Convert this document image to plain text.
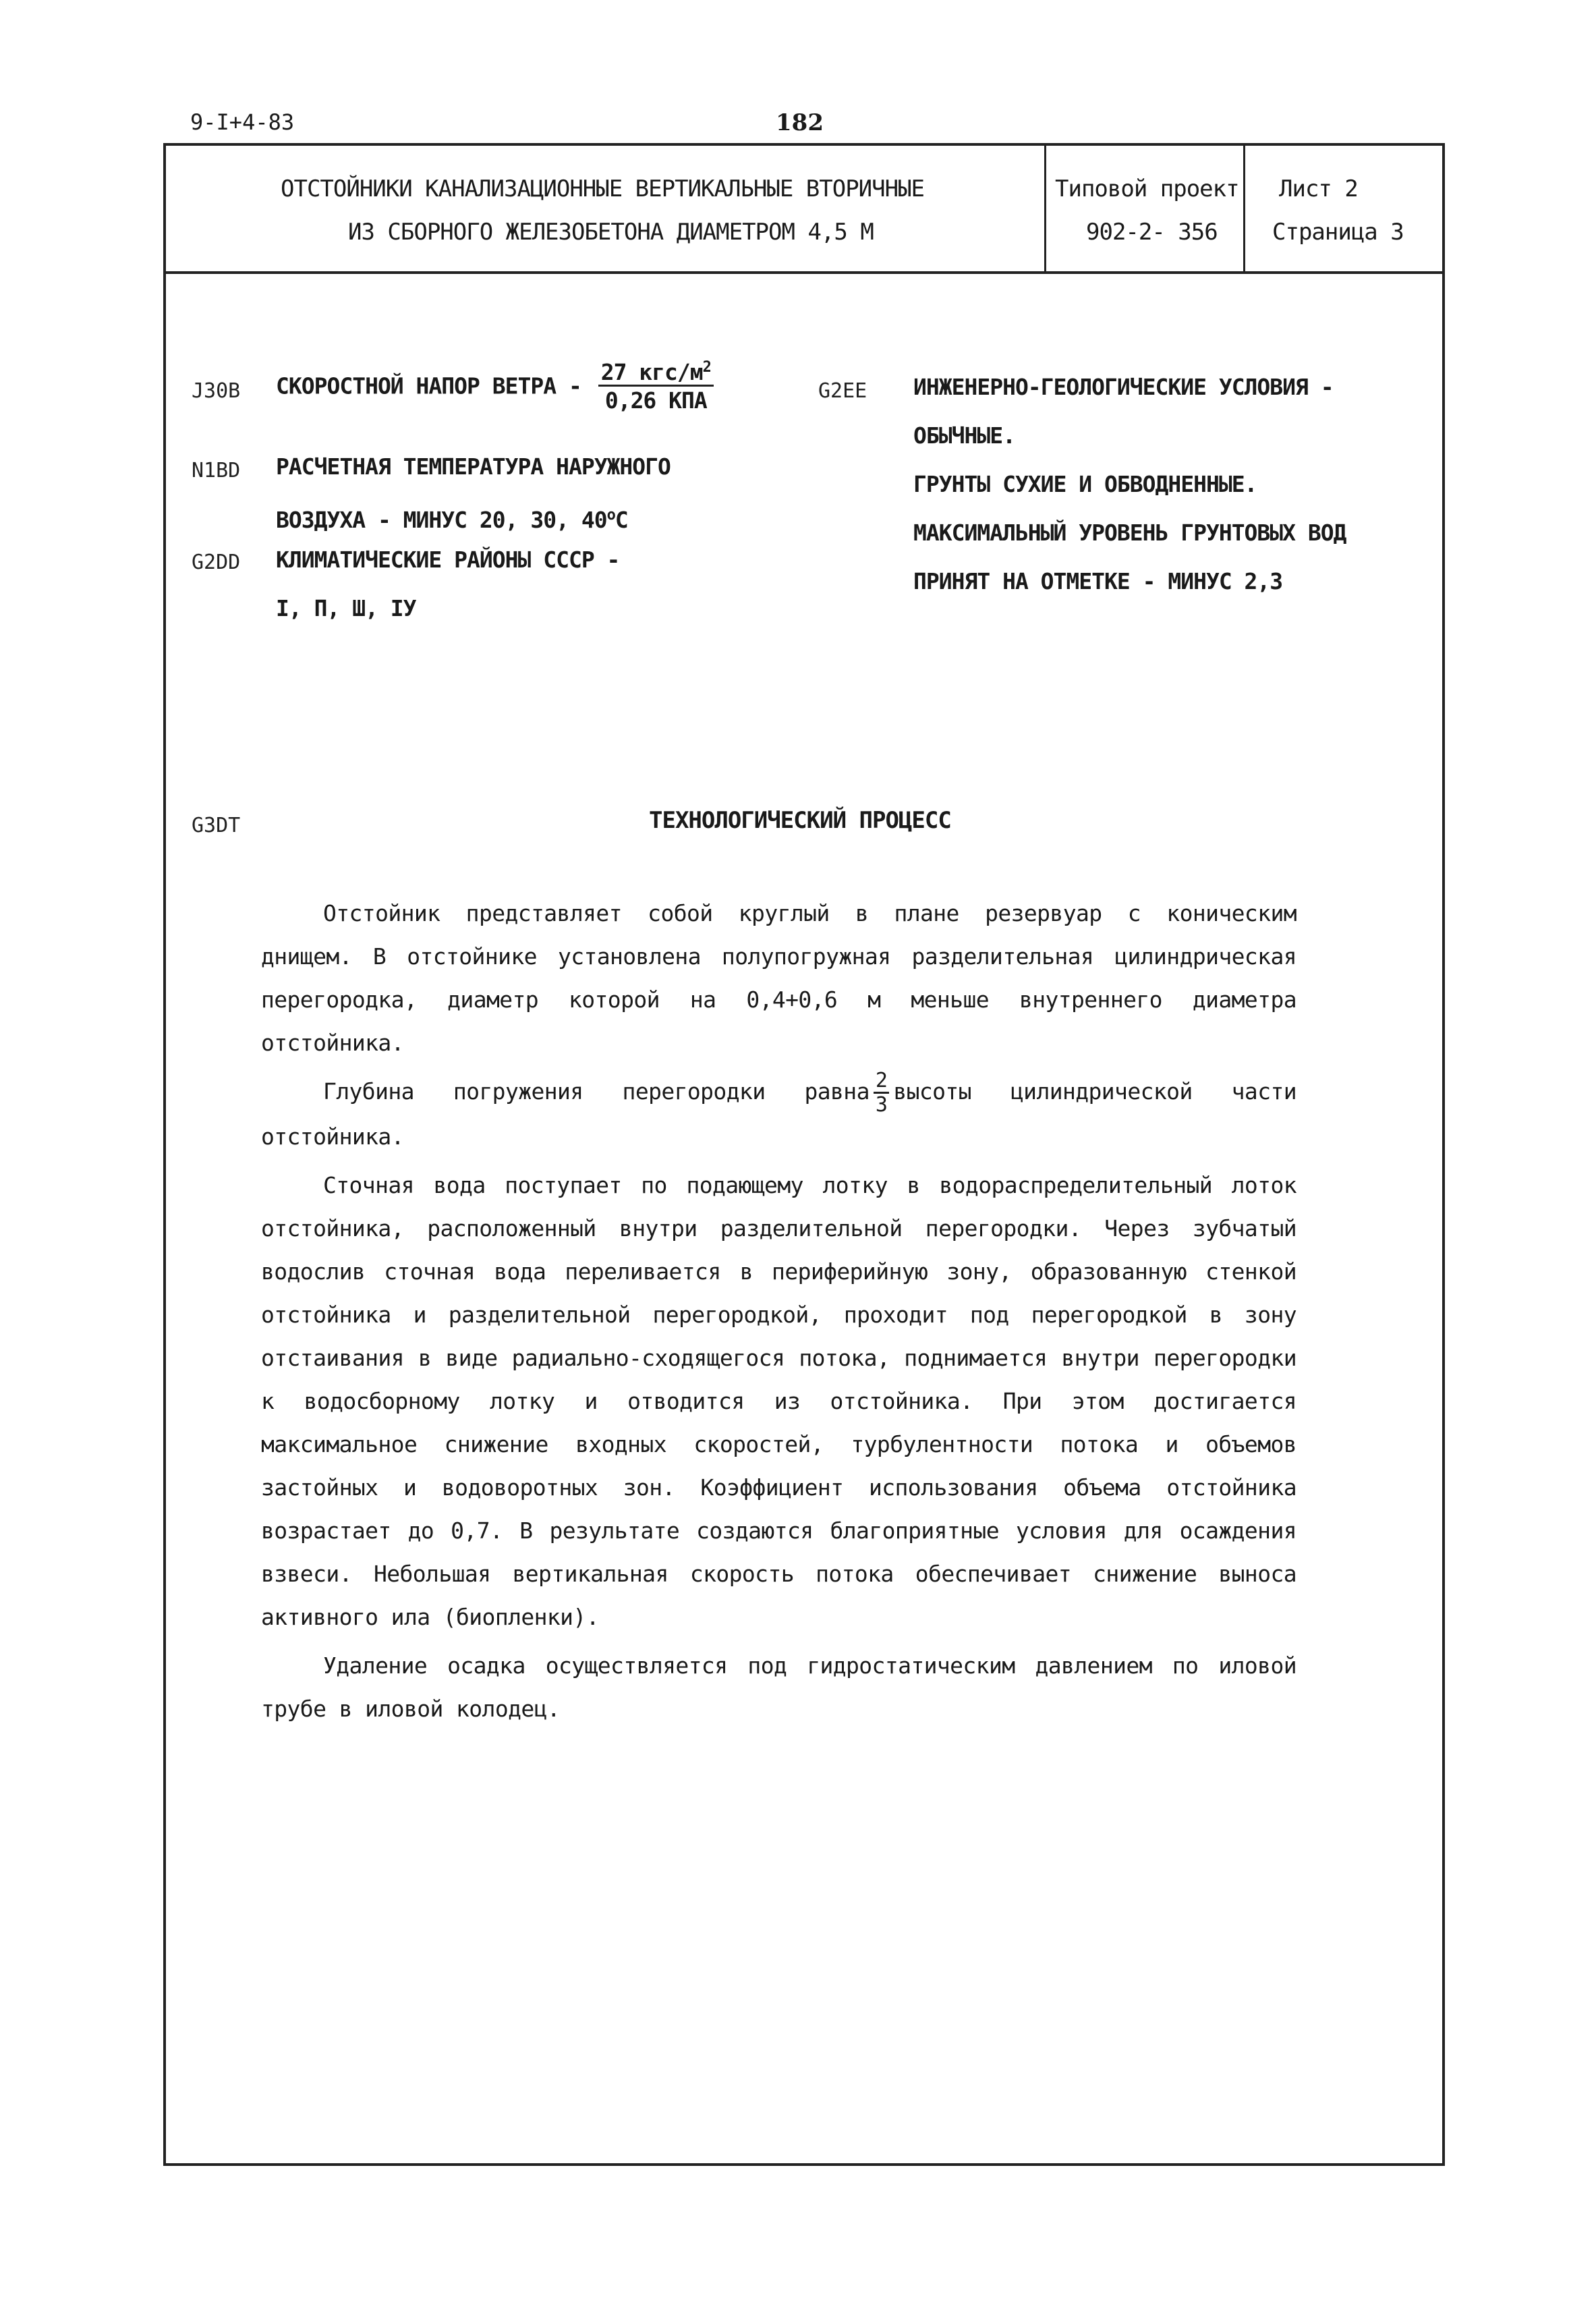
9-I+4-83	182
ОТСТОЙНИКИ КАНАЛИЗАЦИОННЫЕ ВЕРТИКАЛЬНЫЕ ВТОРИЧНЫЕ
ИЗ СБОРНОГО ЖЕЛЕЗОБЕТОНА ДИАМЕТРОМ 4,5 М
Типовой проект
902-2- 356
Лист 2
Страница 3
J30B СКОРОСТНОЙ НАПОР ВЕТРА - $\frac{27 кгс/м^2}{\text{0,26 КПА}}$
N1BD РАСЧЕТНАЯ ТЕМПЕРАТУРА НАРУЖНОГО
ВОЗДУХА - МИНУС 20, 30, $40^оС$
G2DD КЛИМАТИЧЕСКИЕ РАЙОНЫ СССР -
I, П, Ш, IУ
G2EE ИНЖЕНЕРНО-ГЕОЛОГИЧЕСКИЕ УСЛОВИЯ -
ОБЫЧНЫЕ.
ГРУНТЫ СУХИЕ И ОБВОДНЕННЫЕ.
МАКСИМАЛЬНЫЙ УРОВЕНЬ ГРУНТОВЫХ ВОД
ПРИНЯТ НА ОТМЕТКЕ - МИНУС 2,3
G3DT	ТЕХНОЛОГИЧЕСКИЙ ПРОЦЕСС

Отстойник представляет собой круглый в плане резервуар с коническим днищем. В отстойнике установлена полупогружная разделительная цилиндрическая перегородка, диаметр которой на 0,4+0,6 м меньше внутреннего диаметра отстойника.

Глубина погружения перегородки равна $\frac{2}{3}$ высоты цилиндрической части отстойника.

Сточная вода поступает по подающему лотку в водораспределительный лоток отстойника, расположенный внутри разделительной перегородки. Через зубчатый водослив сточная вода переливается в периферийную зону, образованную стенкой отстойника и разделительной перегородкой, проходит под перегородкой в зону отстаивания в виде радиально-сходящегося потока, поднимается внутри перегородки к водосборному лотку и отводится из отстойника. При этом достигается максимальное снижение входных скоростей, турбулентности потока и объемов застойных и водоворотных зон. Коэффициент использования объема отстойника возрастает до 0,7. В результате создаются благоприятные условия для осаждения взвеси. Небольшая вертикальная скорость потока обеспечивает снижение выноса активного ила (биопленки).

Удаление осадка осуществляется под гидростатическим давлением по иловой трубе в иловой колодец.
